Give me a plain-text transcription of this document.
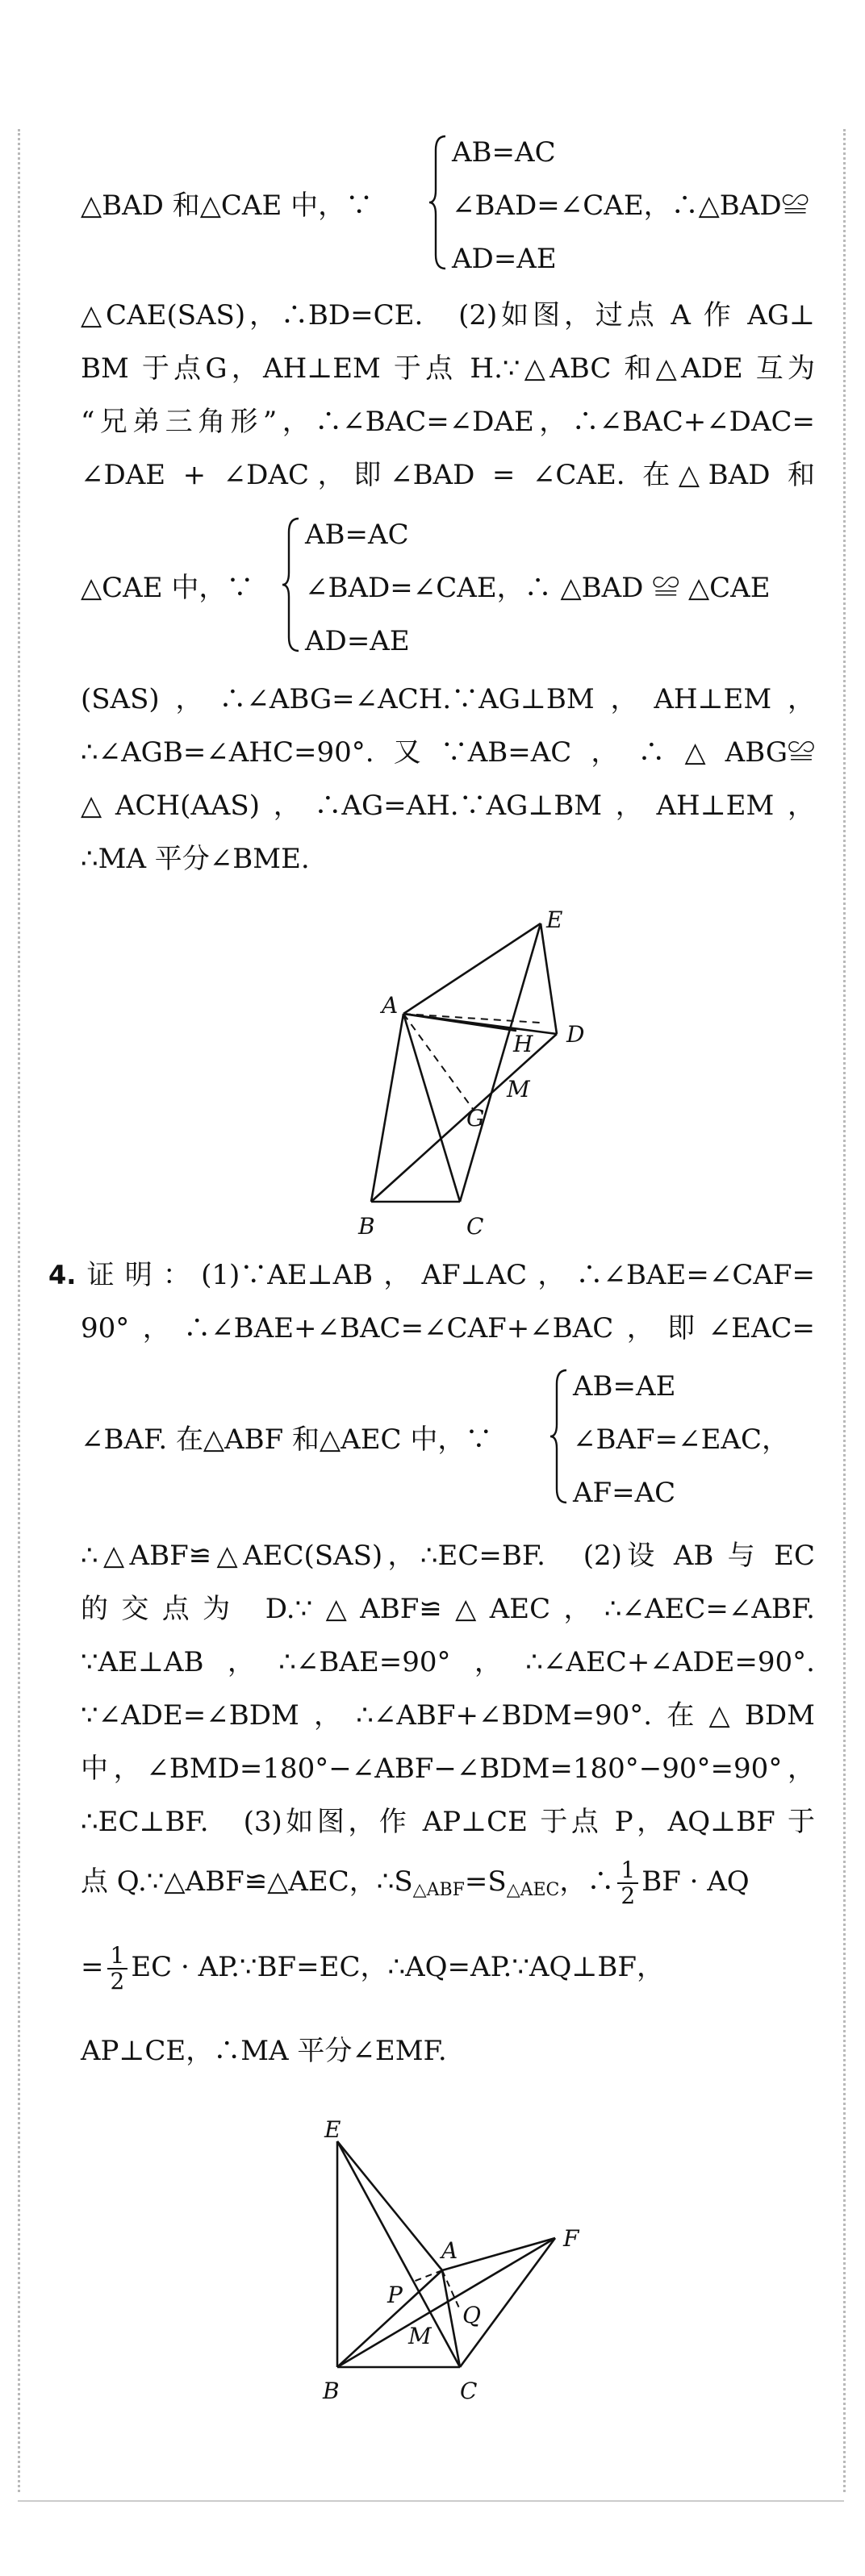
△BAD 和△CAE 中，∵
AB=AC
∠BAD=∠CAE，∴△BAD≌
AD=AE
△CAE(SAS)，∴BD=CE.　(2)如图，过点 A 作 AG⊥
BM 于点G，AH⊥EM 于点 H.∵△ABC 和△ADE 互为
“兄弟三角形”，∴∠BAC=∠DAE，∴∠BAC+∠DAC=
∠DAE + ∠DAC，即∠BAD = ∠CAE. 在△BAD 和
△CAE 中，∵
AB=AC
∠BAD=∠CAE，∴ △BAD ≌ △CAE
AD=AE
(SAS)，∴∠ABG=∠ACH.∵AG⊥BM，AH⊥EM，
∴∠AGB=∠AHC=90°.又∵AB=AC，∴△ABG≌
△ACH(AAS)，∴AG=AH.∵AG⊥BM，AH⊥EM，
∴MA 平分∠BME.
E
A
H D
M
G
B	C
4.证明：(1)∵AE⊥AB，AF⊥AC，∴∠BAE=∠CAF=
90°，∴∠BAE+∠BAC=∠CAF+∠BAC，即∠EAC=
∠BAF. 在△ABF 和△AEC 中，∵
AB=AE
∠BAF=∠EAC，
AF=AC
∴△ABF≌△AEC(SAS)，∴EC=BF.　(2)设 AB 与 EC
的交点为 D.∵△ABF≌△AEC，∴∠AEC=∠ABF.
∵AE⊥AB，∴∠BAE=90°，∴∠AEC+∠ADE=90°.
∵∠ADE=∠BDM，∴∠ABF+∠BDM=90°.在△BDM
中，∠BMD=180°−∠ABF−∠BDM=180°−90°=90°，
∴EC⊥BF.　(3)如图，作 AP⊥CE 于点 P，AQ⊥BF 于
点 Q.∵△ABF≌△AEC，$\therefore S_{\triangle ABF}=S_{\triangle AEC}$，∴ $\frac{1}{2}$ BF · AQ
= $\frac{1}{2}$ EC · AP.∵BF=EC，∴AQ=AP.∵AQ⊥BF，
AP⊥CE，∴MA 平分∠EMF.
E
A	F
P
Q
M
B	C
